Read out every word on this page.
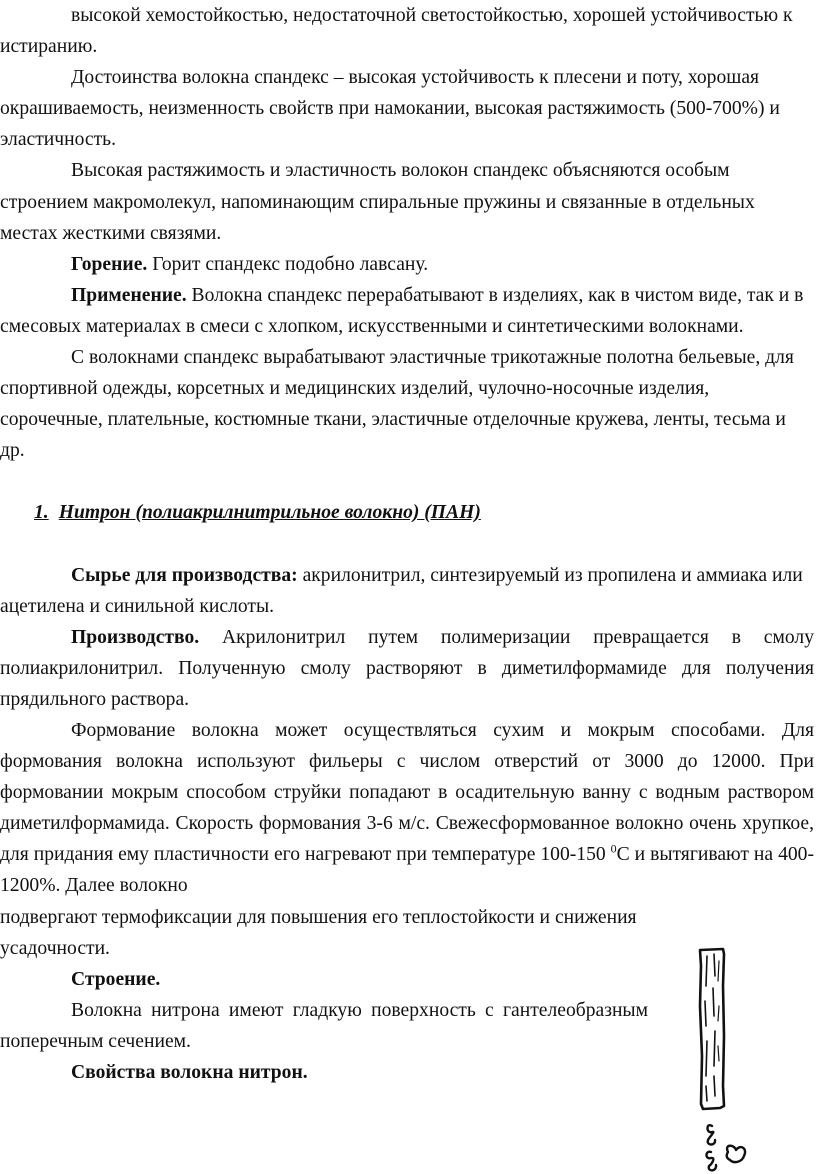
высокой хемостойкостью, недостаточной светостойкостью, хорошей устойчивостью к истиранию.

Достоинства волокна спандекс – высокая устойчивость к плесени и поту, хорошая окрашиваемость, неизменность свойств при намокании, высокая растяжимость (500-700%) и эластичность.

Высокая растяжимость и эластичность волокон спандекс объясняются особым строением макромолекул, напоминающим спиральные пружины и связанные в отдельных местах жесткими связями.

Горение. Горит спандекс подобно лавсану.

Применение. Волокна спандекс перерабатывают в изделиях, как в чистом виде, так и в смесовых материалах в смеси с хлопком, искусственными и синтетическими волокнами.

С волокнами спандекс вырабатывают эластичные трикотажные полотна бельевые, для спортивной одежды, корсетных и медицинских изделий, чулочно-носочные изделия, сорочечные, плательные, костюмные ткани, эластичные отделочные кружева, ленты, тесьма и др.

1. Нитрон (полиакрилнитрильное волокно) (ПАН)

Сырье для производства: акрилонитрил, синтезируемый из пропилена и аммиака или ацетилена и синильной кислоты.

Производство. Акрилонитрил путем полимеризации превращается в смолу полиакрилонитрил. Полученную смолу растворяют в диметилформамиде для получения прядильного раствора.

Формование волокна может осуществляться сухим и мокрым способами. Для формования волокна используют фильеры с числом отверстий от 3000 до 12000. При формовании мокрым способом струйки попадают в осадительную ванну с водным раствором диметилформамида. Скорость формования 3-6 м/с. Свежесформованное волокно очень хрупкое, для придания ему пластичности его нагревают при температуре 100-150 $^0$С и вытягивают на 400-1200%. Далее волокно

подвергают термофиксации для повышения его теплостойкости и снижения усадочности.

Строение.

Волокна нитрона имеют гладкую поверхность с гантелеобразным поперечным сечением.

Свойства волокна нитрон.
